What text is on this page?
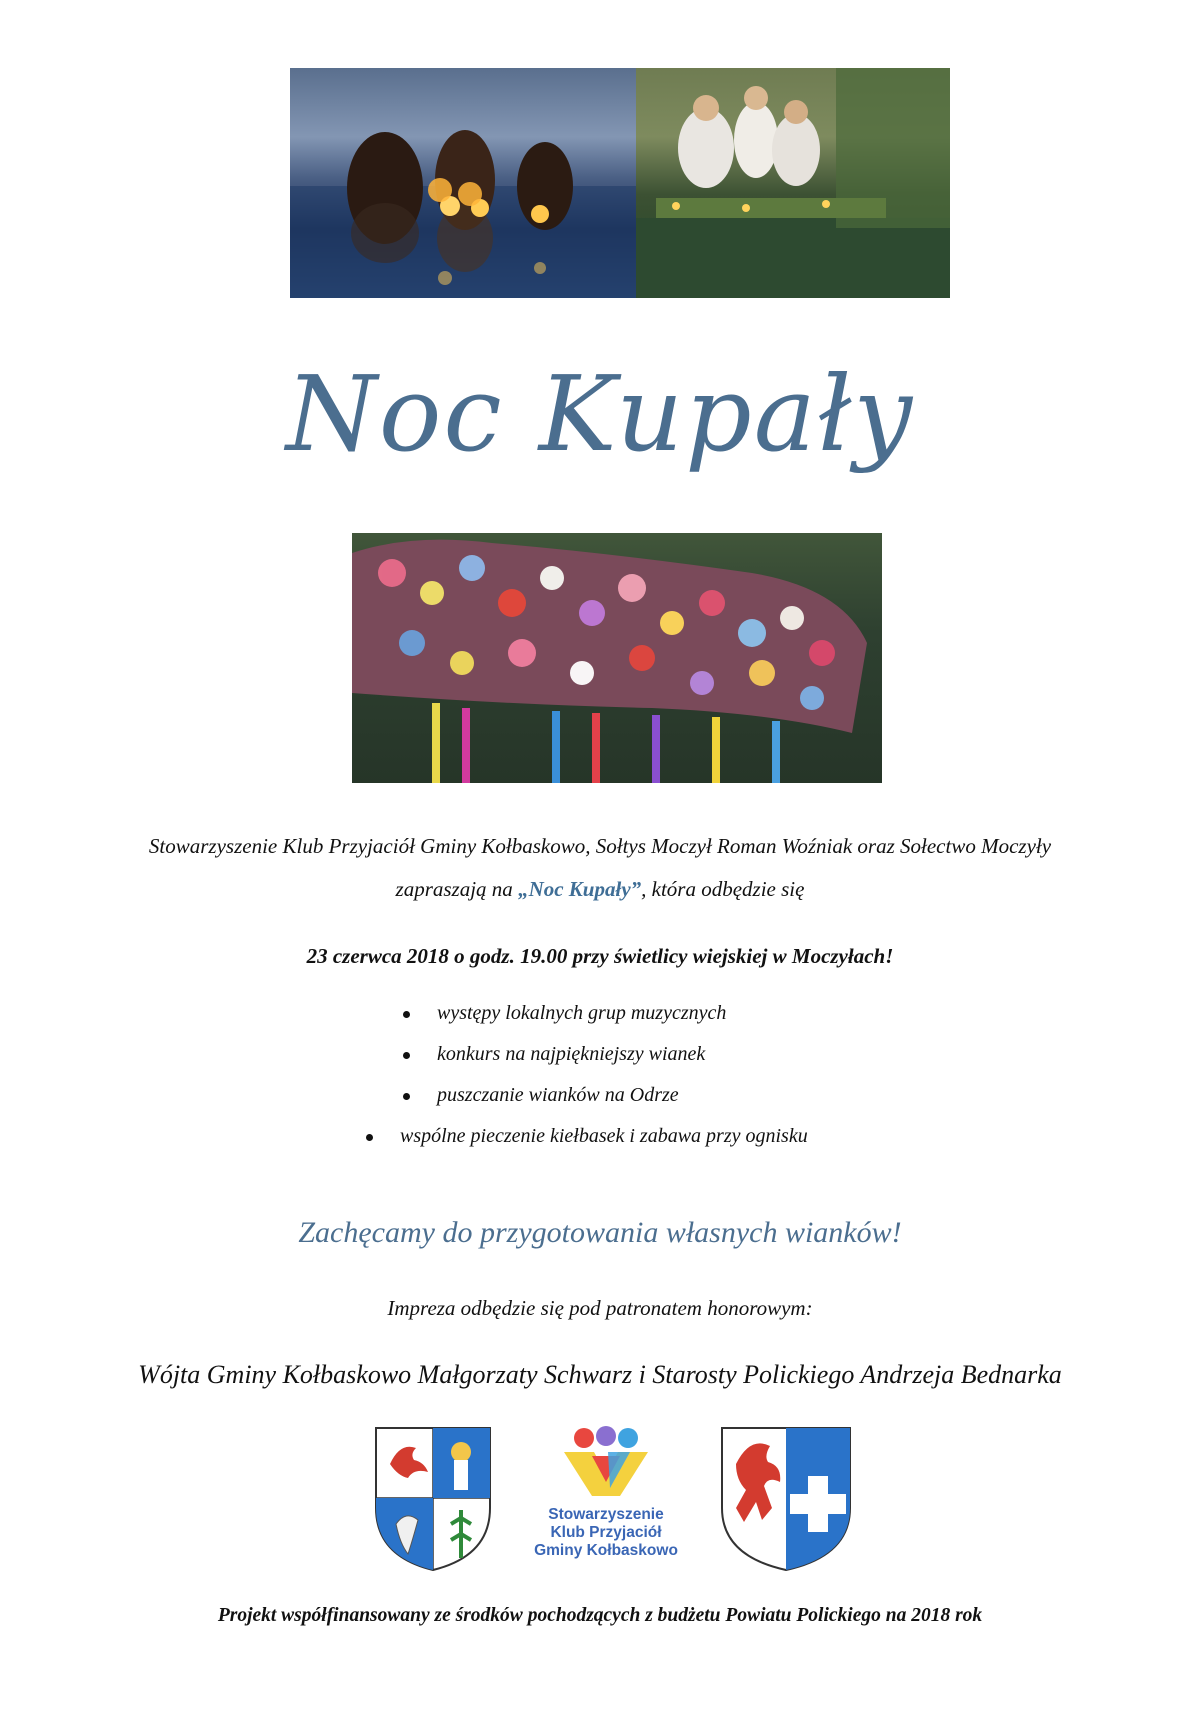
Noc Kupały
Stowarzyszenie Klub Przyjaciół Gminy Kołbaskowo, Sołtys Moczył Roman Woźniak oraz Sołectwo Moczyły
zapraszają na „Noc Kupały”, która odbędzie się
23 czerwca 2018 o godz. 19.00 przy świetlicy wiejskiej w Moczyłach!
występy lokalnych grup muzycznych
konkurs na najpiękniejszy wianek
puszczanie wianków na Odrze
wspólne pieczenie kiełbasek i zabawa przy ognisku
Zachęcamy do przygotowania własnych wianków!
Impreza odbędzie się pod patronatem honorowym:
Wójta Gminy Kołbaskowo Małgorzaty Schwarz i Starosty Polickiego Andrzeja Bednarka
Stowarzyszenie
Klub Przyjaciół
Gminy Kołbaskowo
Projekt współfinansowany ze środków pochodzących z budżetu Powiatu Polickiego na 2018 rok
